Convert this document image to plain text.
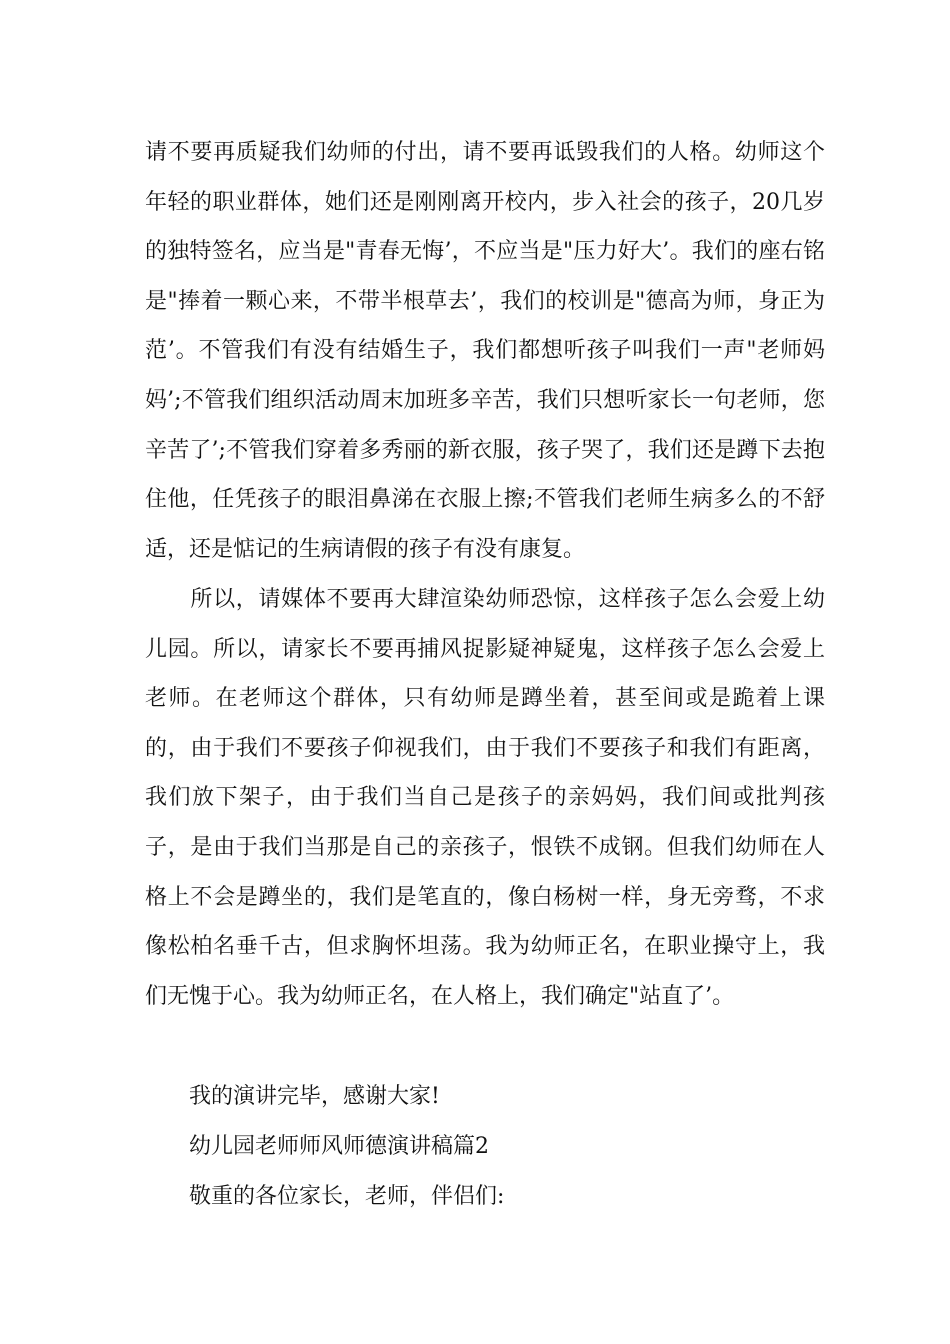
请不要再质疑我们幼师的付出，请不要再诋毁我们的人格。幼师这个年轻的职业群体，她们还是刚刚离开校内，步入社会的孩子，20几岁的独特签名，应当是"青春无悔’，不应当是"压力好大’。我们的座右铭是"捧着一颗心来，不带半根草去’，我们的校训是"德高为师，身正为范’。不管我们有没有结婚生子，我们都想听孩子叫我们一声"老师妈妈’;不管我们组织活动周末加班多辛苦，我们只想听家长一句老师，您辛苦了’;不管我们穿着多秀丽的新衣服，孩子哭了，我们还是蹲下去抱住他，任凭孩子的眼泪鼻涕在衣服上擦;不管我们老师生病多么的不舒适，还是惦记的生病请假的孩子有没有康复。

　　所以，请媒体不要再大肆渲染幼师恐惊，这样孩子怎么会爱上幼儿园。所以，请家长不要再捕风捉影疑神疑鬼，这样孩子怎么会爱上老师。在老师这个群体，只有幼师是蹲坐着，甚至间或是跪着上课的，由于我们不要孩子仰视我们，由于我们不要孩子和我们有距离，我们放下架子，由于我们当自己是孩子的亲妈妈，我们间或批判孩子，是由于我们当那是自己的亲孩子，恨铁不成钢。但我们幼师在人格上不会是蹲坐的，我们是笔直的，像白杨树一样，身无旁骛，不求像松柏名垂千古，但求胸怀坦荡。我为幼师正名，在职业操守上，我们无愧于心。我为幼师正名，在人格上，我们确定"站直了’。

　　我的演讲完毕，感谢大家!

　　幼儿园老师师风师德演讲稿篇2

　　敬重的各位家长，老师，伴侣们:
